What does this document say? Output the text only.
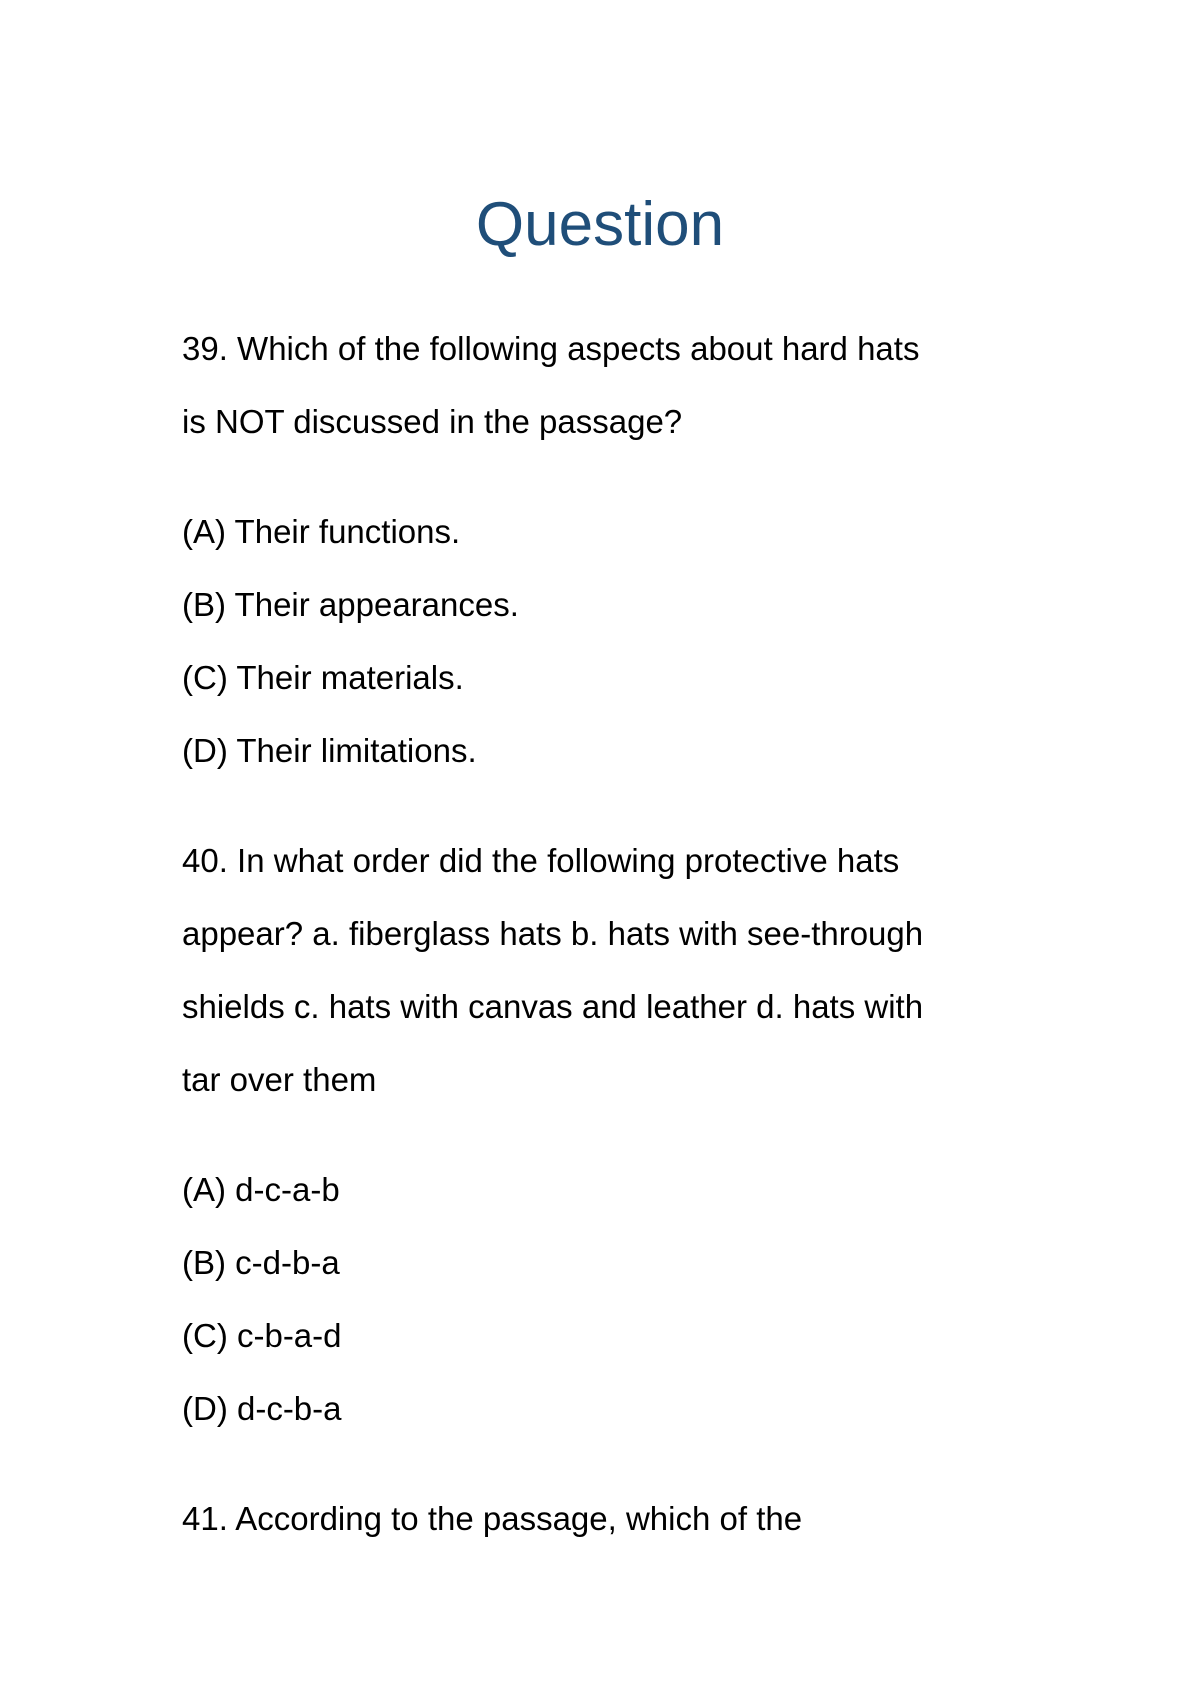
Question
39. Which of the following aspects about hard hats
is NOT discussed in the passage?
(A) Their functions.
(B) Their appearances.
(C) Their materials.
(D) Their limitations.
40. In what order did the following protective hats
appear? a. fiberglass hats b. hats with see-through
shields c. hats with canvas and leather d. hats with
tar over them
(A) d-c-a-b
(B) c-d-b-a
(C) c-b-a-d
(D) d-c-b-a
41. According to the passage, which of the
